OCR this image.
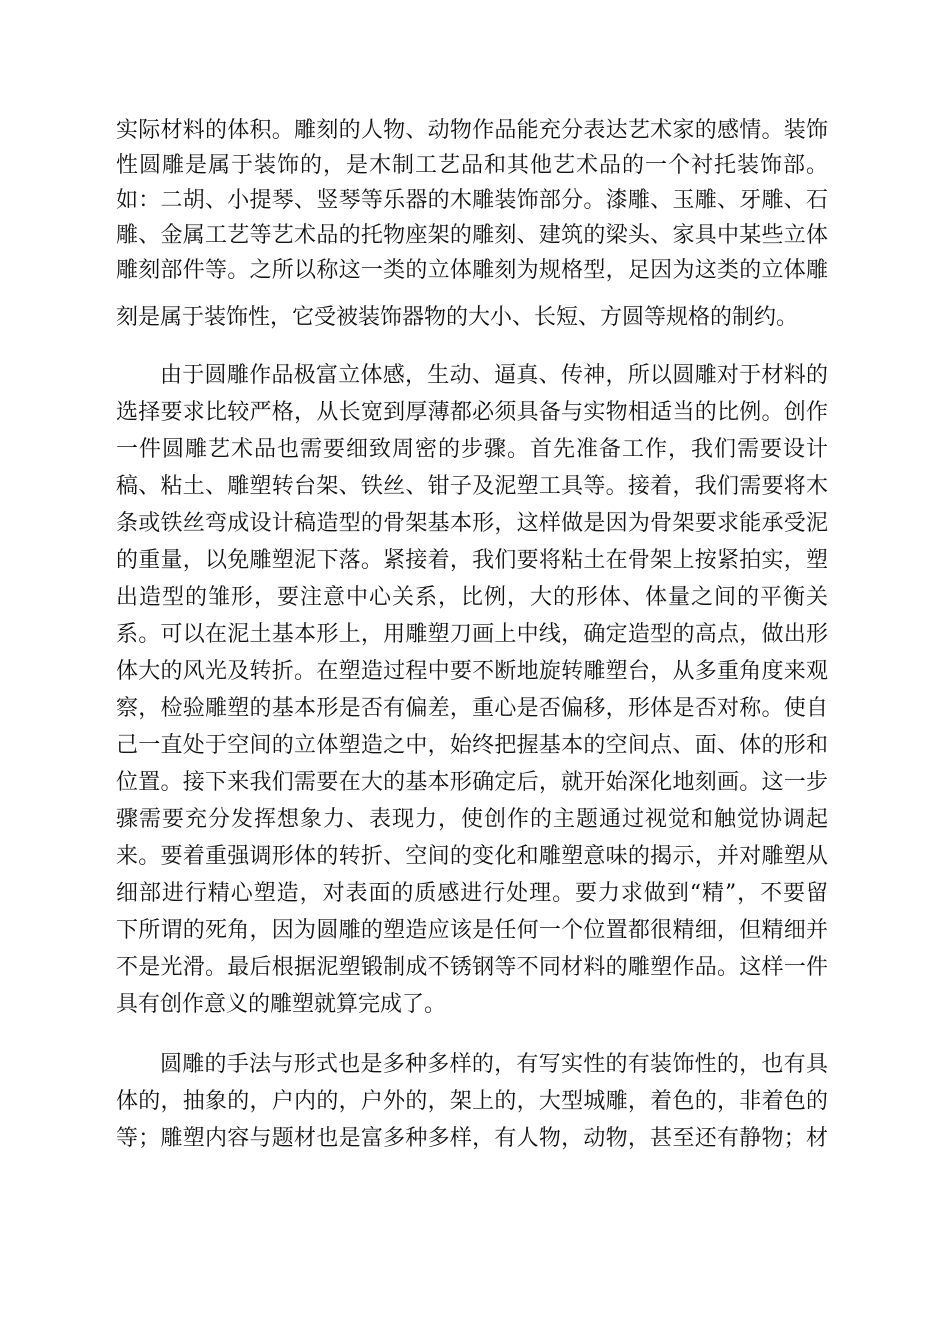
实际材料的体积。雕刻的人物、动物作品能充分表达艺术家的感情。装饰
性圆雕是属于装饰的，是木制工艺品和其他艺术品的一个衬托装饰部。
如：二胡、小提琴、竖琴等乐器的木雕装饰部分。漆雕、玉雕、牙雕、石
雕、金属工艺等艺术品的托物座架的雕刻、建筑的梁头、家具中某些立体
雕刻部件等。之所以称这一类的立体雕刻为规格型，足因为这类的立体雕
刻是属于装饰性，它受被装饰器物的大小、长短、方圆等规格的制约。
由于圆雕作品极富立体感，生动、逼真、传神，所以圆雕对于材料的
选择要求比较严格，从长宽到厚薄都必须具备与实物相适当的比例。创作
一件圆雕艺术品也需要细致周密的步骤。首先准备工作，我们需要设计
稿、粘土、雕塑转台架、铁丝、钳子及泥塑工具等。接着，我们需要将木
条或铁丝弯成设计稿造型的骨架基本形，这样做是因为骨架要求能承受泥
的重量，以免雕塑泥下落。紧接着，我们要将粘土在骨架上按紧拍实，塑
出造型的雏形，要注意中心关系，比例，大的形体、体量之间的平衡关
系。可以在泥土基本形上，用雕塑刀画上中线，确定造型的高点，做出形
体大的风光及转折。在塑造过程中要不断地旋转雕塑台，从多重角度来观
察，检验雕塑的基本形是否有偏差，重心是否偏移，形体是否对称。使自
己一直处于空间的立体塑造之中，始终把握基本的空间点、面、体的形和
位置。接下来我们需要在大的基本形确定后，就开始深化地刻画。这一步
骤需要充分发挥想象力、表现力，使创作的主题通过视觉和触觉协调起
来。要着重强调形体的转折、空间的变化和雕塑意味的揭示，并对雕塑从
细部进行精心塑造，对表面的质感进行处理。要力求做到“精”，不要留
下所谓的死角，因为圆雕的塑造应该是任何一个位置都很精细，但精细并
不是光滑。最后根据泥塑锻制成不锈钢等不同材料的雕塑作品。这样一件
具有创作意义的雕塑就算完成了。
圆雕的手法与形式也是多种多样的，有写实性的有装饰性的，也有具
体的，抽象的，户内的，户外的，架上的，大型城雕，着色的，非着色的
等；雕塑内容与题材也是富多种多样，有人物，动物，甚至还有静物；材
